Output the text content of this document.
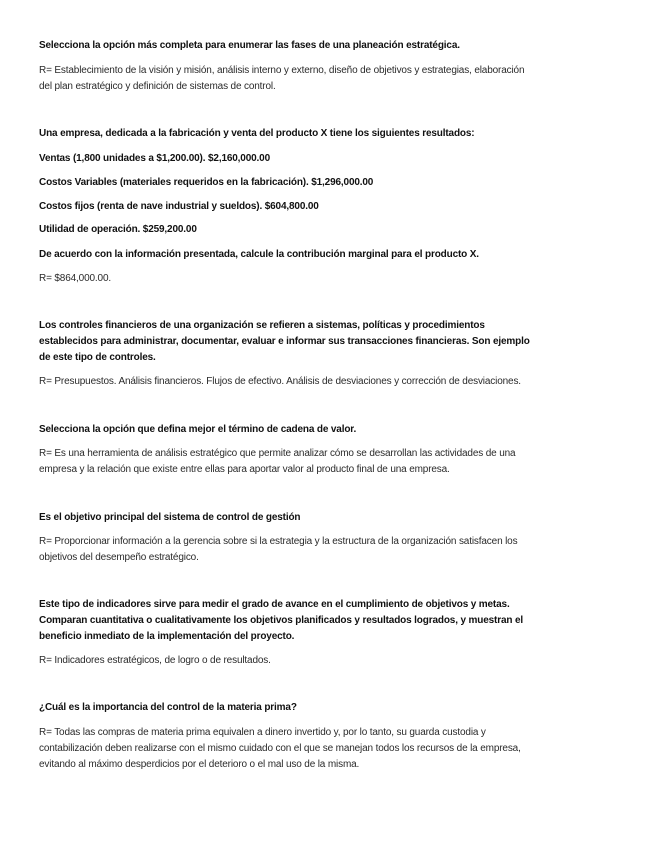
Selecciona la opción más completa para enumerar las fases de una planeación estratégica.

R= Establecimiento de la visión y misión, análisis interno y externo, diseño de objetivos y estrategias, elaboración

del plan estratégico y definición de sistemas de control.

Una empresa, dedicada a la fabricación y venta del producto X tiene los siguientes resultados:

Ventas (1,800 unidades a $1,200.00). $2,160,000.00

Costos Variables (materiales requeridos en la fabricación). $1,296,000.00

Costos fijos (renta de nave industrial y sueldos). $604,800.00

Utilidad de operación. $259,200.00

De acuerdo con la información presentada, calcule la contribución marginal para el producto X.

R= $864,000.00.

Los controles financieros de una organización se refieren a sistemas, políticas y procedimientos

establecidos para administrar, documentar, evaluar e informar sus transacciones financieras. Son ejemplo

de este tipo de controles.

R= Presupuestos. Análisis financieros. Flujos de efectivo. Análisis de desviaciones y corrección de desviaciones.

Selecciona la opción que defina mejor el término de cadena de valor.

R= Es una herramienta de análisis estratégico que permite analizar cómo se desarrollan las actividades de una

empresa y la relación que existe entre ellas para aportar valor al producto final de una empresa.

Es el objetivo principal del sistema de control de gestión

R= Proporcionar información a la gerencia sobre si la estrategia y la estructura de la organización satisfacen los

objetivos del desempeño estratégico.

Este tipo de indicadores sirve para medir el grado de avance en el cumplimiento de objetivos y metas.

Comparan cuantitativa o cualitativamente los objetivos planificados y resultados logrados, y muestran el

beneficio inmediato de la implementación del proyecto.

R= Indicadores estratégicos, de logro o de resultados.

¿Cuál es la importancia del control de la materia prima?

R= Todas las compras de materia prima equivalen a dinero invertido y, por lo tanto, su guarda custodia y

contabilización deben realizarse con el mismo cuidado con el que se manejan todos los recursos de la empresa,

evitando al máximo desperdicios por el deterioro o el mal uso de la misma.
